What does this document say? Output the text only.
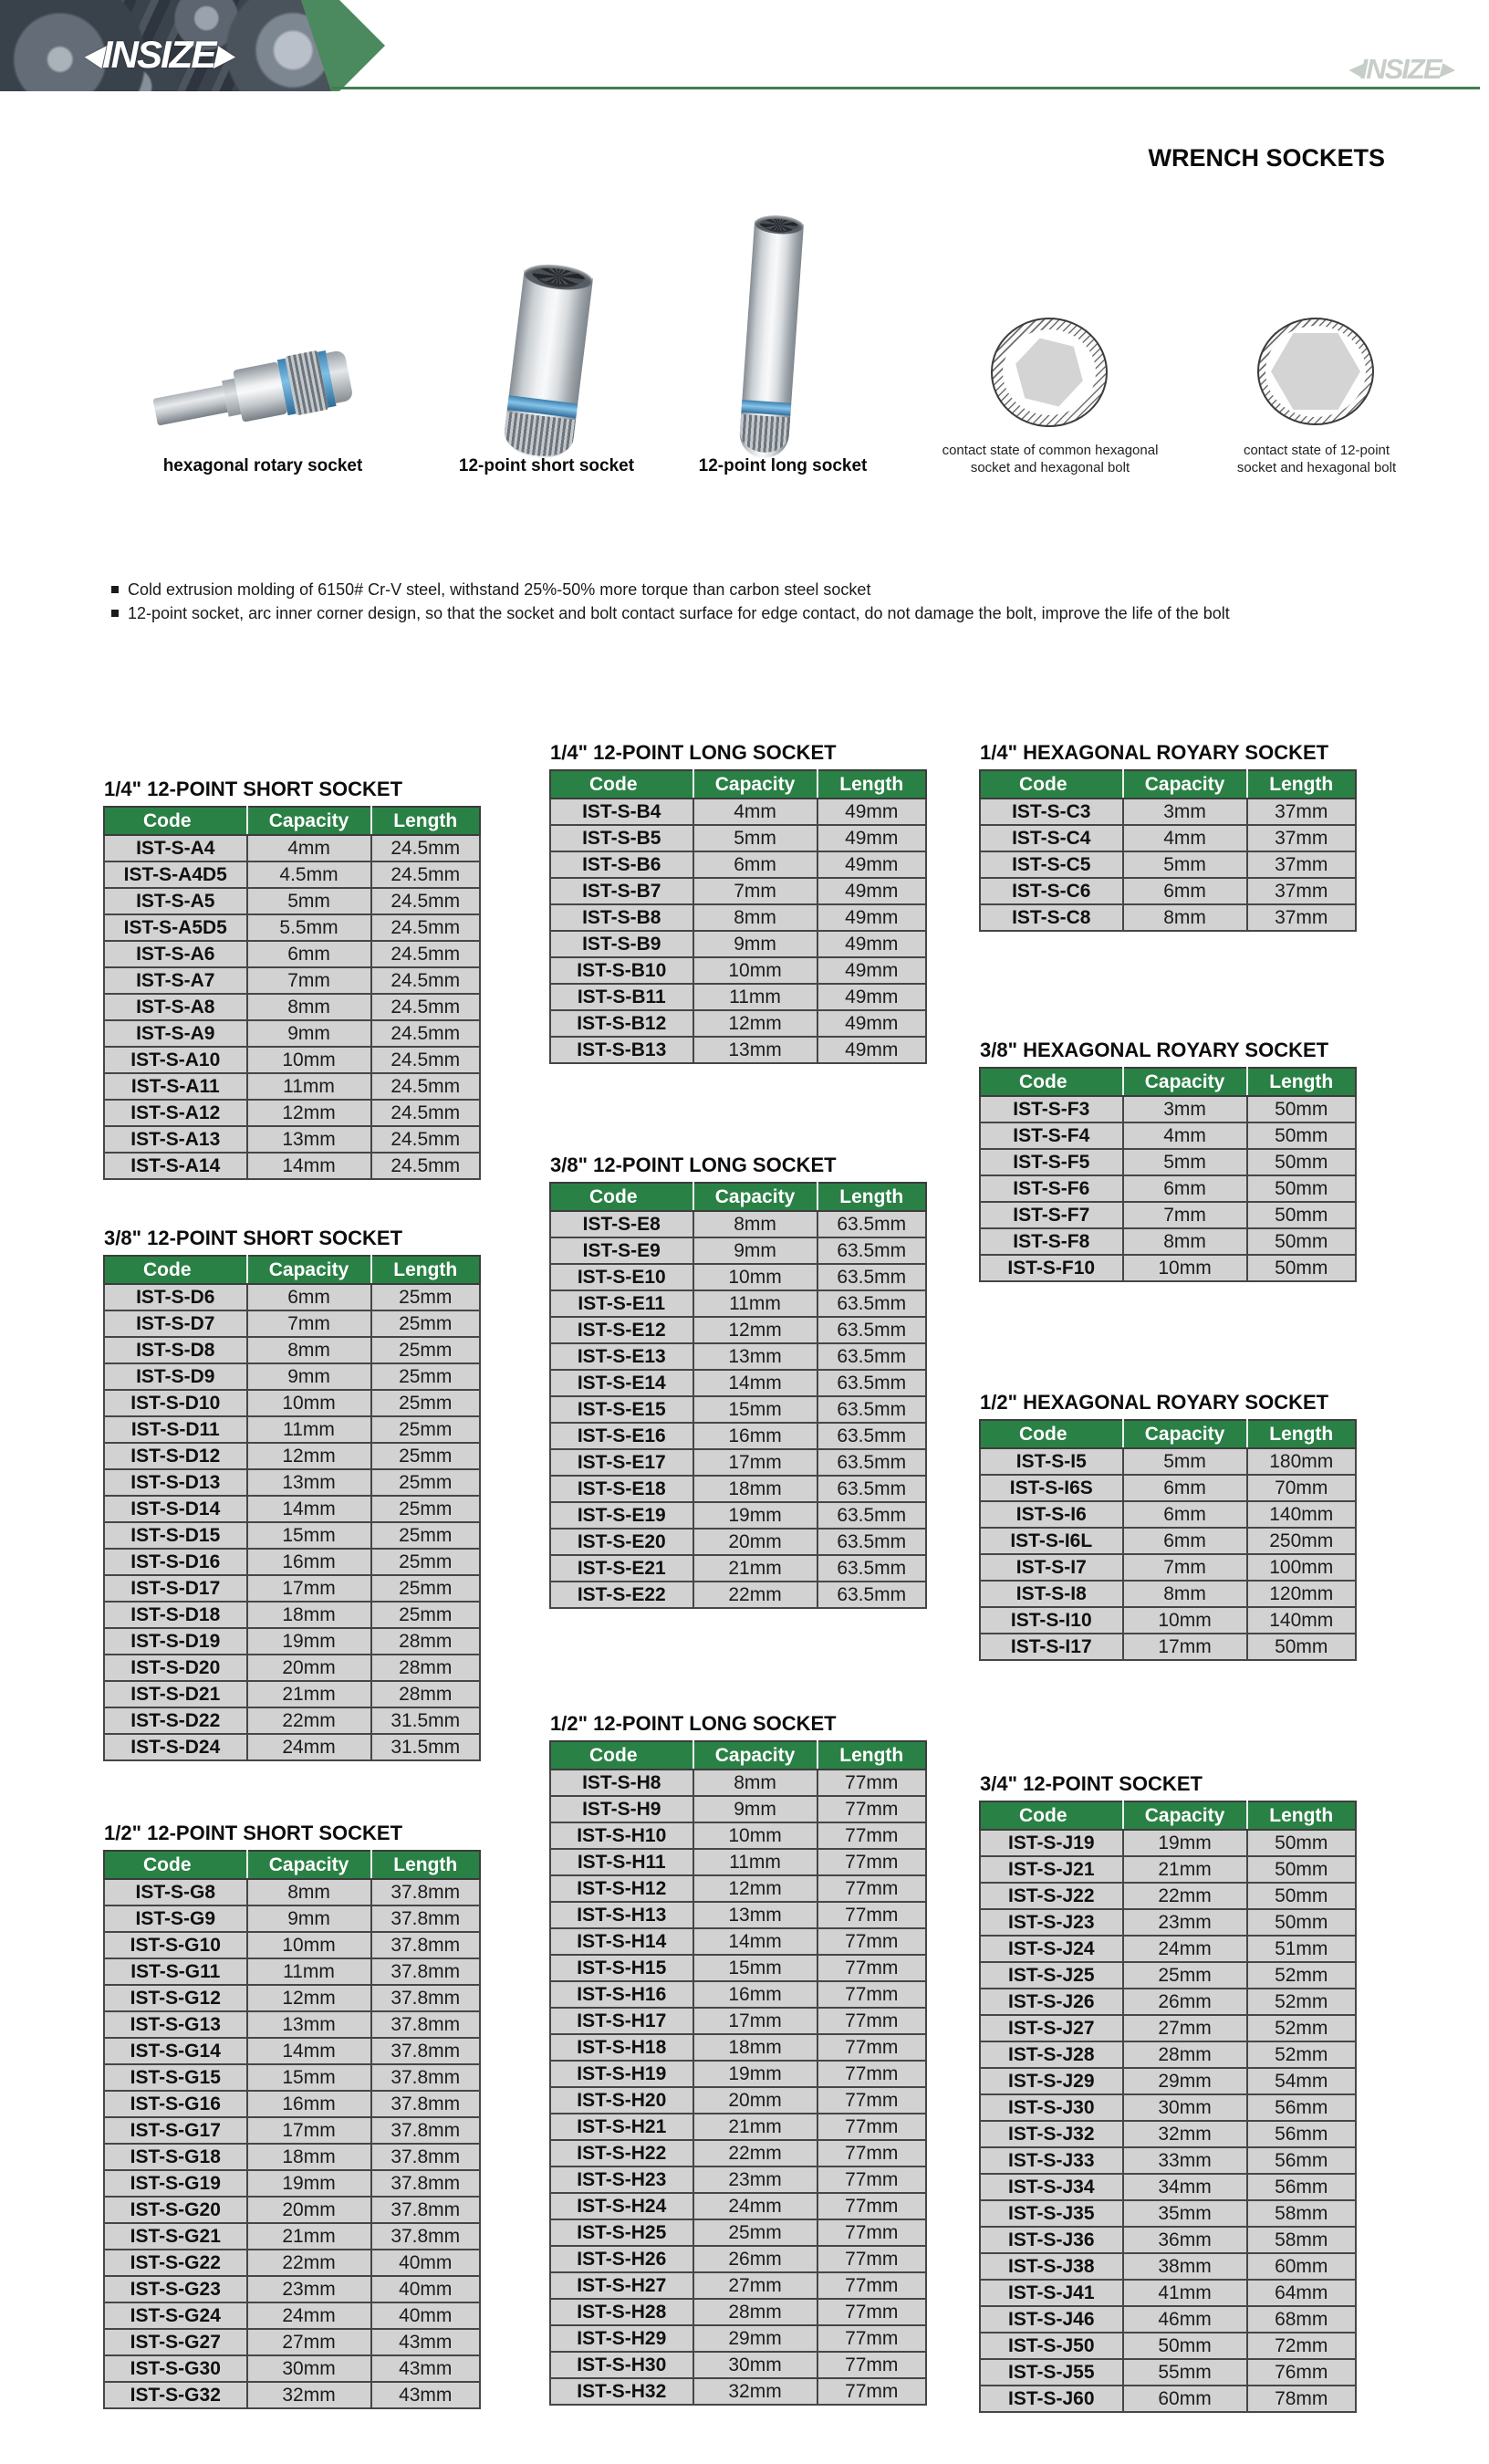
◀ INSIZE ▶	◀ INSIZE ▶
WRENCH SOCKETS
hexagonal rotary socket	12-point short socket	12-point long socket
contact state of common hexagonal
socket and hexagonal bolt
contact state of 12-point
socket and hexagonal bolt
Cold extrusion molding of 6150# Cr-V steel, withstand 25%-50% more torque than carbon steel socket
12-point socket, arc inner corner design, so that the socket and bolt contact surface for edge contact, do not damage the bolt, improve the life of the bolt
1/4" 12-POINT SHORT SOCKET
Code	Capacity	Length
IST-S-A4	4mm	24.5mm
IST-S-A4D5	4.5mm	24.5mm
IST-S-A5	5mm	24.5mm
IST-S-A5D5	5.5mm	24.5mm
IST-S-A6	6mm	24.5mm
IST-S-A7	7mm	24.5mm
IST-S-A8	8mm	24.5mm
IST-S-A9	9mm	24.5mm
IST-S-A10	10mm	24.5mm
IST-S-A11	11mm	24.5mm
IST-S-A12	12mm	24.5mm
IST-S-A13	13mm	24.5mm
IST-S-A14	14mm	24.5mm
3/8" 12-POINT SHORT SOCKET
Code	Capacity	Length
IST-S-D6	6mm	25mm
IST-S-D7	7mm	25mm
IST-S-D8	8mm	25mm
IST-S-D9	9mm	25mm
IST-S-D10	10mm	25mm
IST-S-D11	11mm	25mm
IST-S-D12	12mm	25mm
IST-S-D13	13mm	25mm
IST-S-D14	14mm	25mm
IST-S-D15	15mm	25mm
IST-S-D16	16mm	25mm
IST-S-D17	17mm	25mm
IST-S-D18	18mm	25mm
IST-S-D19	19mm	28mm
IST-S-D20	20mm	28mm
IST-S-D21	21mm	28mm
IST-S-D22	22mm	31.5mm
IST-S-D24	24mm	31.5mm
1/2" 12-POINT SHORT SOCKET
Code	Capacity	Length
IST-S-G8	8mm	37.8mm
IST-S-G9	9mm	37.8mm
IST-S-G10	10mm	37.8mm
IST-S-G11	11mm	37.8mm
IST-S-G12	12mm	37.8mm
IST-S-G13	13mm	37.8mm
IST-S-G14	14mm	37.8mm
IST-S-G15	15mm	37.8mm
IST-S-G16	16mm	37.8mm
IST-S-G17	17mm	37.8mm
IST-S-G18	18mm	37.8mm
IST-S-G19	19mm	37.8mm
IST-S-G20	20mm	37.8mm
IST-S-G21	21mm	37.8mm
IST-S-G22	22mm	40mm
IST-S-G23	23mm	40mm
IST-S-G24	24mm	40mm
IST-S-G27	27mm	43mm
IST-S-G30	30mm	43mm
IST-S-G32	32mm	43mm
1/4" 12-POINT LONG SOCKET
Code	Capacity	Length
IST-S-B4	4mm	49mm
IST-S-B5	5mm	49mm
IST-S-B6	6mm	49mm
IST-S-B7	7mm	49mm
IST-S-B8	8mm	49mm
IST-S-B9	9mm	49mm
IST-S-B10	10mm	49mm
IST-S-B11	11mm	49mm
IST-S-B12	12mm	49mm
IST-S-B13	13mm	49mm
3/8" 12-POINT LONG SOCKET
Code	Capacity	Length
IST-S-E8	8mm	63.5mm
IST-S-E9	9mm	63.5mm
IST-S-E10	10mm	63.5mm
IST-S-E11	11mm	63.5mm
IST-S-E12	12mm	63.5mm
IST-S-E13	13mm	63.5mm
IST-S-E14	14mm	63.5mm
IST-S-E15	15mm	63.5mm
IST-S-E16	16mm	63.5mm
IST-S-E17	17mm	63.5mm
IST-S-E18	18mm	63.5mm
IST-S-E19	19mm	63.5mm
IST-S-E20	20mm	63.5mm
IST-S-E21	21mm	63.5mm
IST-S-E22	22mm	63.5mm
1/2" 12-POINT LONG SOCKET
Code	Capacity	Length
IST-S-H8	8mm	77mm
IST-S-H9	9mm	77mm
IST-S-H10	10mm	77mm
IST-S-H11	11mm	77mm
IST-S-H12	12mm	77mm
IST-S-H13	13mm	77mm
IST-S-H14	14mm	77mm
IST-S-H15	15mm	77mm
IST-S-H16	16mm	77mm
IST-S-H17	17mm	77mm
IST-S-H18	18mm	77mm
IST-S-H19	19mm	77mm
IST-S-H20	20mm	77mm
IST-S-H21	21mm	77mm
IST-S-H22	22mm	77mm
IST-S-H23	23mm	77mm
IST-S-H24	24mm	77mm
IST-S-H25	25mm	77mm
IST-S-H26	26mm	77mm
IST-S-H27	27mm	77mm
IST-S-H28	28mm	77mm
IST-S-H29	29mm	77mm
IST-S-H30	30mm	77mm
IST-S-H32	32mm	77mm
1/4" HEXAGONAL ROYARY SOCKET
Code	Capacity	Length
IST-S-C3	3mm	37mm
IST-S-C4	4mm	37mm
IST-S-C5	5mm	37mm
IST-S-C6	6mm	37mm
IST-S-C8	8mm	37mm
3/8" HEXAGONAL ROYARY SOCKET
Code	Capacity	Length
IST-S-F3	3mm	50mm
IST-S-F4	4mm	50mm
IST-S-F5	5mm	50mm
IST-S-F6	6mm	50mm
IST-S-F7	7mm	50mm
IST-S-F8	8mm	50mm
IST-S-F10	10mm	50mm
1/2" HEXAGONAL ROYARY SOCKET
Code	Capacity	Length
IST-S-I5	5mm	180mm
IST-S-I6S	6mm	70mm
IST-S-I6	6mm	140mm
IST-S-I6L	6mm	250mm
IST-S-I7	7mm	100mm
IST-S-I8	8mm	120mm
IST-S-I10	10mm	140mm
IST-S-I17	17mm	50mm
3/4" 12-POINT SOCKET
Code	Capacity	Length
IST-S-J19	19mm	50mm
IST-S-J21	21mm	50mm
IST-S-J22	22mm	50mm
IST-S-J23	23mm	50mm
IST-S-J24	24mm	51mm
IST-S-J25	25mm	52mm
IST-S-J26	26mm	52mm
IST-S-J27	27mm	52mm
IST-S-J28	28mm	52mm
IST-S-J29	29mm	54mm
IST-S-J30	30mm	56mm
IST-S-J32	32mm	56mm
IST-S-J33	33mm	56mm
IST-S-J34	34mm	56mm
IST-S-J35	35mm	58mm
IST-S-J36	36mm	58mm
IST-S-J38	38mm	60mm
IST-S-J41	41mm	64mm
IST-S-J46	46mm	68mm
IST-S-J50	50mm	72mm
IST-S-J55	55mm	76mm
IST-S-J60	60mm	78mm
